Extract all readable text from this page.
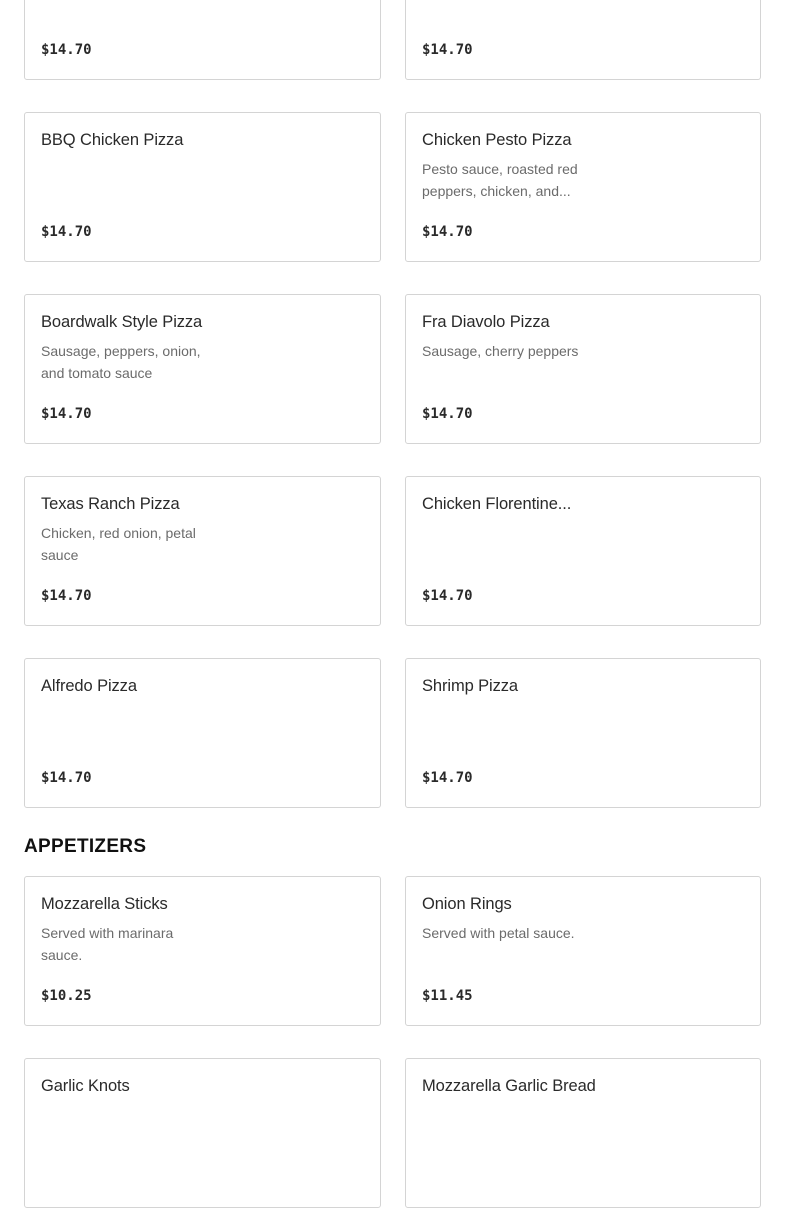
$14.70	$14.70
BBQ Chicken Pizza
$14.70
Chicken Pesto Pizza
Pesto sauce, roasted red peppers, chicken, and...
$14.70
Boardwalk Style Pizza
Sausage, peppers, onion, and tomato sauce
$14.70
Fra Diavolo Pizza
Sausage, cherry peppers
$14.70
Texas Ranch Pizza
Chicken, red onion, petal sauce
$14.70
Chicken Florentine...
$14.70
Alfredo Pizza
$14.70
Shrimp Pizza
$14.70
APPETIZERS
Mozzarella Sticks
Served with marinara sauce.
$10.25
Onion Rings
Served with petal sauce.
$11.45
Garlic Knots	Mozzarella Garlic Bread
